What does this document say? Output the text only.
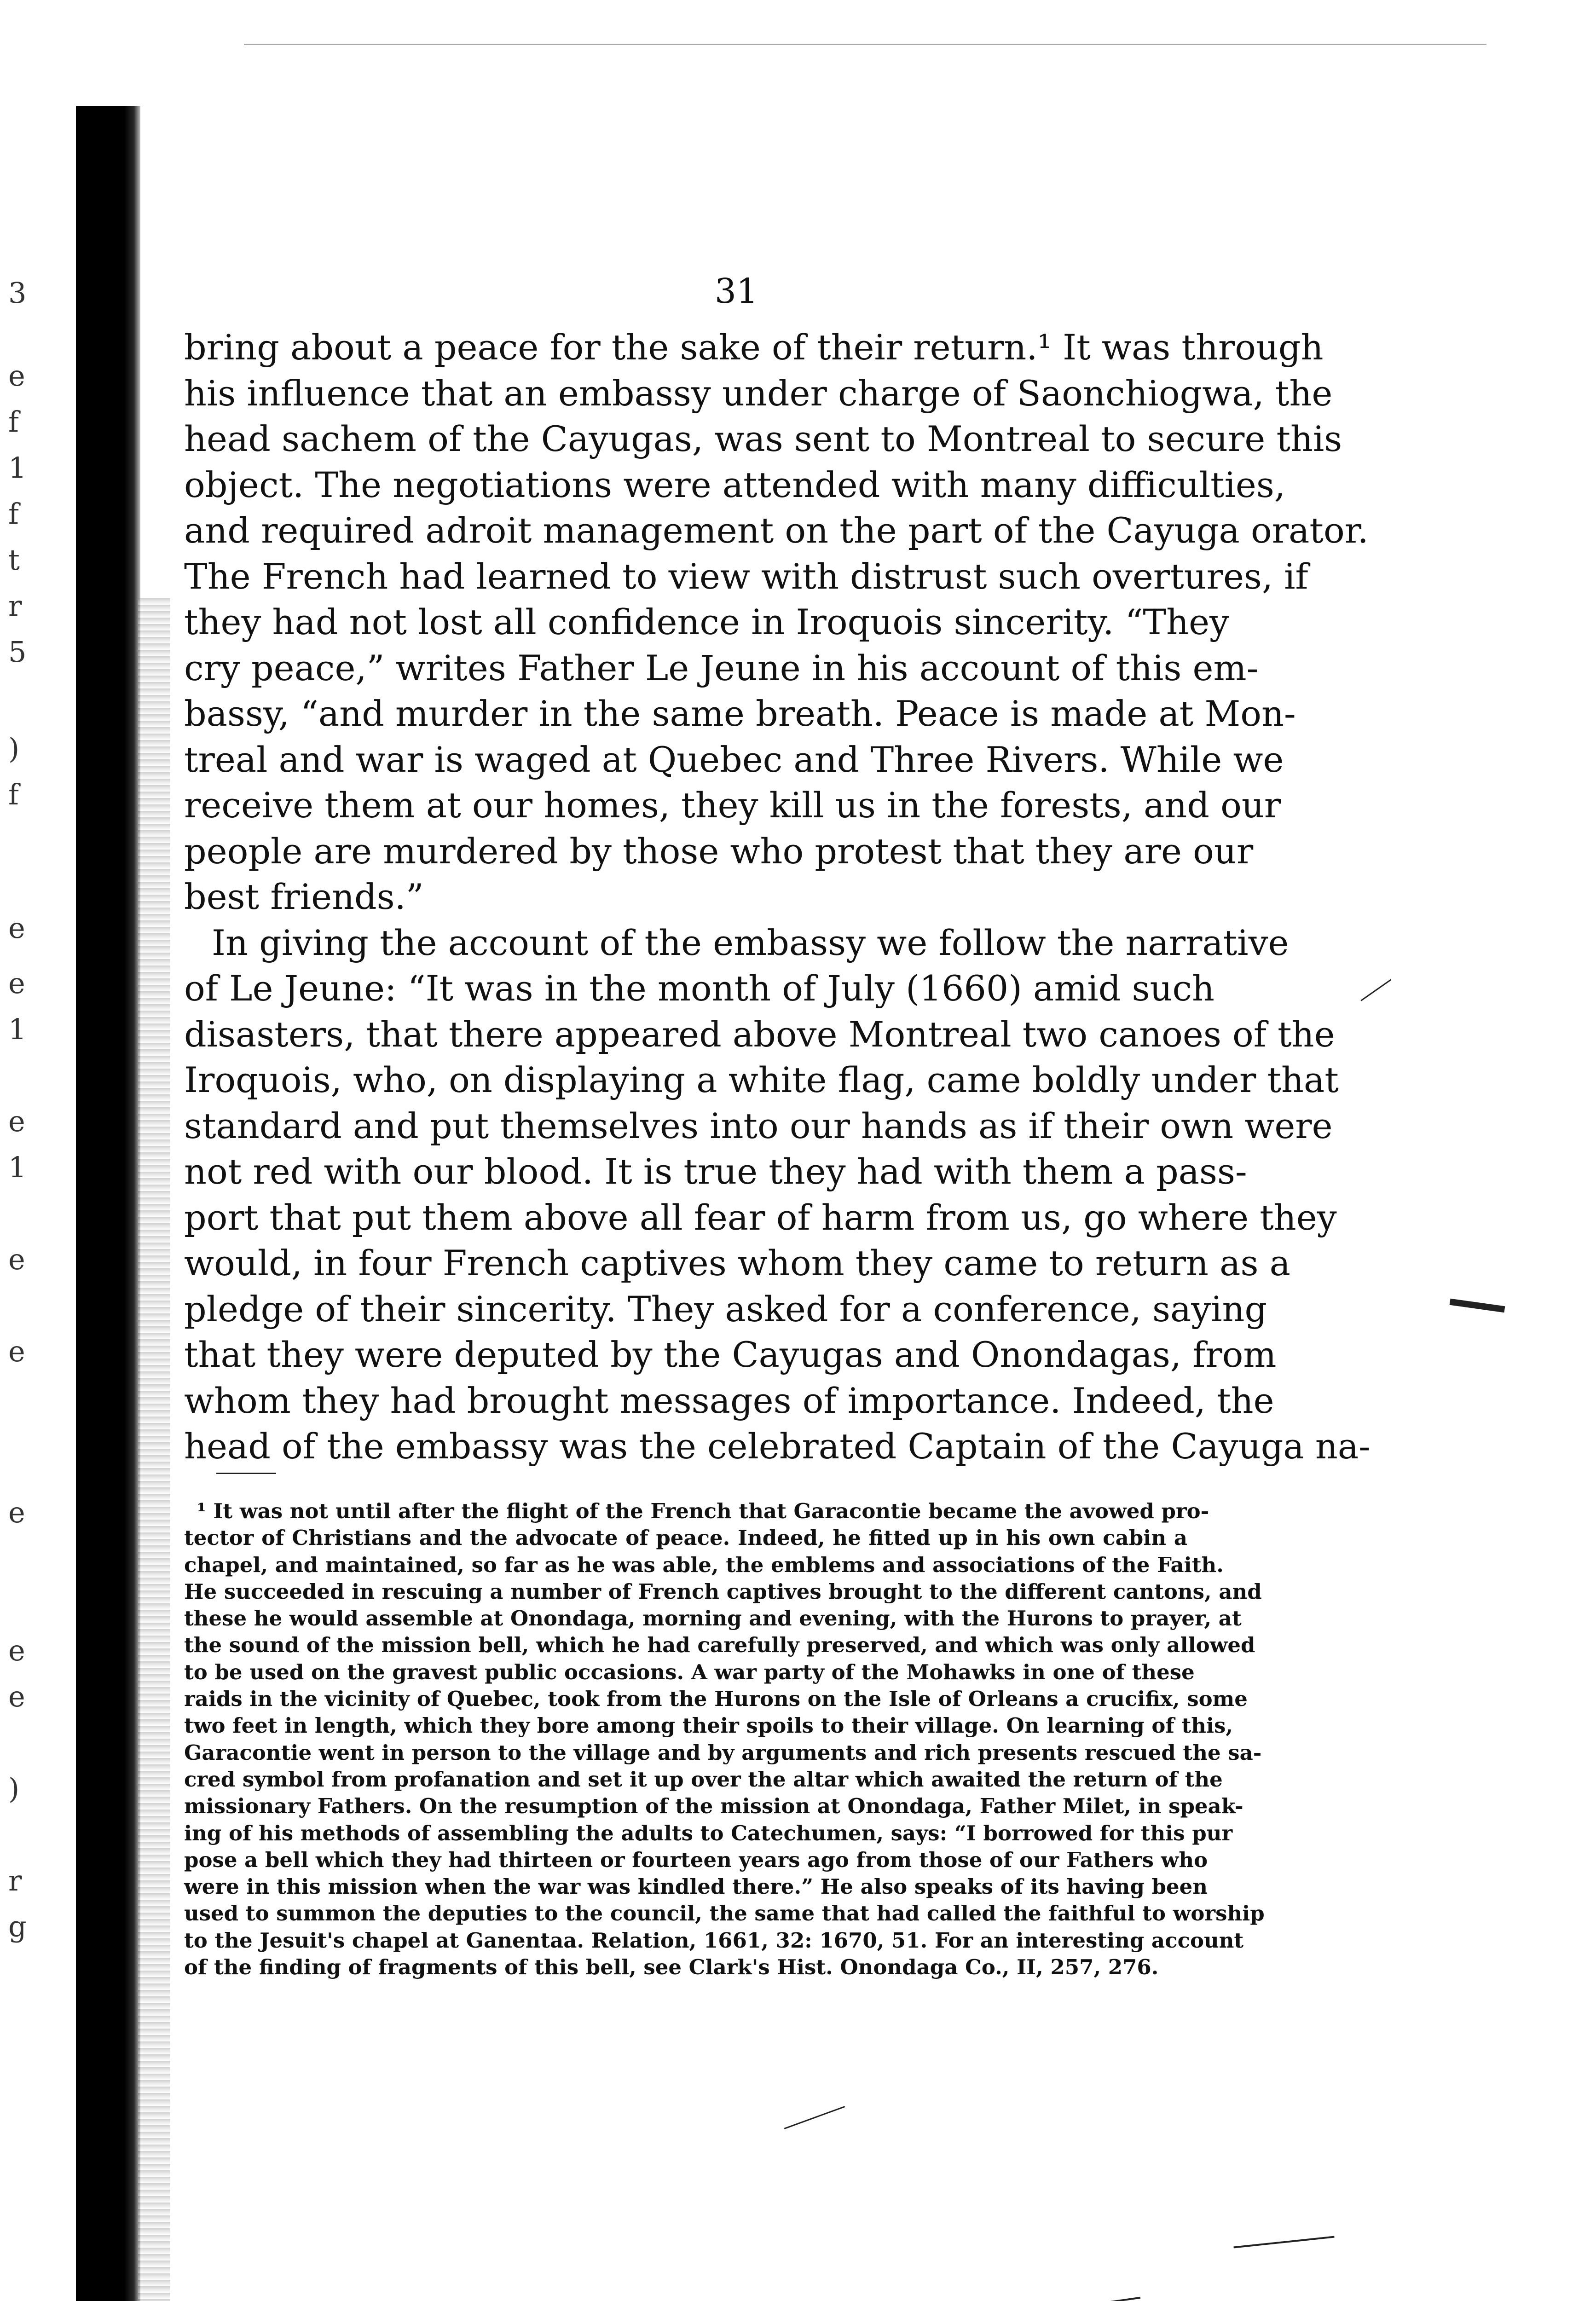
3
e
f
1
f
t
r
5
)
f
e
e
1
e
1
e
e
e
e
e
)
r
g
31
bring about a peace for the sake of their return.¹ It was through
his influence that an embassy under charge of Saonchiogwa, the
head sachem of the Cayugas, was sent to Montreal to secure this
object. The negotiations were attended with many difficulties,
and required adroit management on the part of the Cayuga orator.
The French had learned to view with distrust such overtures, if
they had not lost all confidence in Iroquois sincerity. “They
cry peace,” writes Father Le Jeune in his account of this em-
bassy, “and murder in the same breath. Peace is made at Mon-
treal and war is waged at Quebec and Three Rivers. While we
receive them at our homes, they kill us in the forests, and our
people are murdered by those who protest that they are our
best friends.”
In giving the account of the embassy we follow the narrative
of Le Jeune: “It was in the month of July (1660) amid such
disasters, that there appeared above Montreal two canoes of the
Iroquois, who, on displaying a white flag, came boldly under that
standard and put themselves into our hands as if their own were
not red with our blood. It is true they had with them a pass-
port that put them above all fear of harm from us, go where they
would, in four French captives whom they came to return as a
pledge of their sincerity. They asked for a conference, saying
that they were deputed by the Cayugas and Onondagas, from
whom they had brought messages of importance. Indeed, the
head of the embassy was the celebrated Captain of the Cayuga na-
¹ It was not until after the flight of the French that Garacontie became the avowed pro-
tector of Christians and the advocate of peace. Indeed, he fitted up in his own cabin a
chapel, and maintained, so far as he was able, the emblems and associations of the Faith.
He succeeded in rescuing a number of French captives brought to the different cantons, and
these he would assemble at Onondaga, morning and evening, with the Hurons to prayer, at
the sound of the mission bell, which he had carefully preserved, and which was only allowed
to be used on the gravest public occasions. A war party of the Mohawks in one of these
raids in the vicinity of Quebec, took from the Hurons on the Isle of Orleans a crucifix, some
two feet in length, which they bore among their spoils to their village. On learning of this,
Garacontie went in person to the village and by arguments and rich presents rescued the sa-
cred symbol from profanation and set it up over the altar which awaited the return of the
missionary Fathers. On the resumption of the mission at Onondaga, Father Milet, in speak-
ing of his methods of assembling the adults to Catechumen, says: “I borrowed for this pur
pose a bell which they had thirteen or fourteen years ago from those of our Fathers who
were in this mission when the war was kindled there.” He also speaks of its having been
used to summon the deputies to the council, the same that had called the faithful to worship
to the Jesuit's chapel at Ganentaa. Relation, 1661, 32: 1670, 51. For an interesting account
of the finding of fragments of this bell, see Clark's Hist. Onondaga Co., II, 257, 276.
